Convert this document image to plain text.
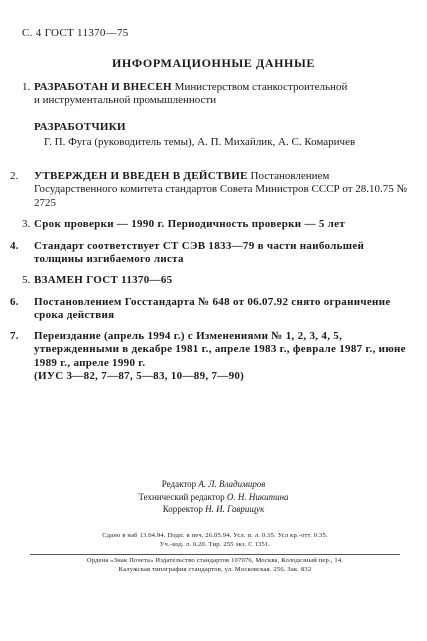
С. 4 ГОСТ 11370—75
ИНФОРМАЦИОННЫЕ ДАННЫЕ
1. РАЗРАБОТАН И ВНЕСЕН Министерством станкостроительной
и инструментальной промышленности
РАЗРАБОТЧИКИ
Г. П. Фуга (руководитель темы), А. П. Михайлик, А. С. Комаричев
2. УТВЕРЖДЕН И ВВЕДЕН В ДЕЙСТВИЕ Постановлением Государственного комитета стандартов Совета Министров СССР от 28.10.75 № 2725
3. Срок проверки — 1990 г. Периодичность проверки — 5 лет
4. Стандарт соответствует СТ СЭВ 1833—79 в части наибольшей толщины изгибаемого листа
5. ВЗАМЕН ГОСТ 11370—65
6. Постановлением Госстандарта № 648 от 06.07.92 снято ограничение срока действия
7. Переиздание (апрель 1994 г.) с Изменениями № 1, 2, 3, 4, 5, утвержденными в декабре 1981 г., апреле 1983 г., феврале 1987 г., июне 1989 г., апреле 1990 г.
(ИУС 3—82, 7—87, 5—83, 10—89, 7—90)
Редактор А. Л. Владимиров
Технический редактор О. Н. Никитина
Корректор Н. И. Гаврищук
Сдано в наб 13.04.94. Подп. в печ. 26.05.94. Усл. п. л. 0.35. Усл кр.-отт. 0.35.
Уч.-изд. л. 0.20. Тир. 255 экз. С 1351.
Ордена «Знак Почета» Издательство стандартов 107076, Москва, Колодезный пер., 14.
Калужская типография стандартов, ул. Московская. 256. Зак. 832
